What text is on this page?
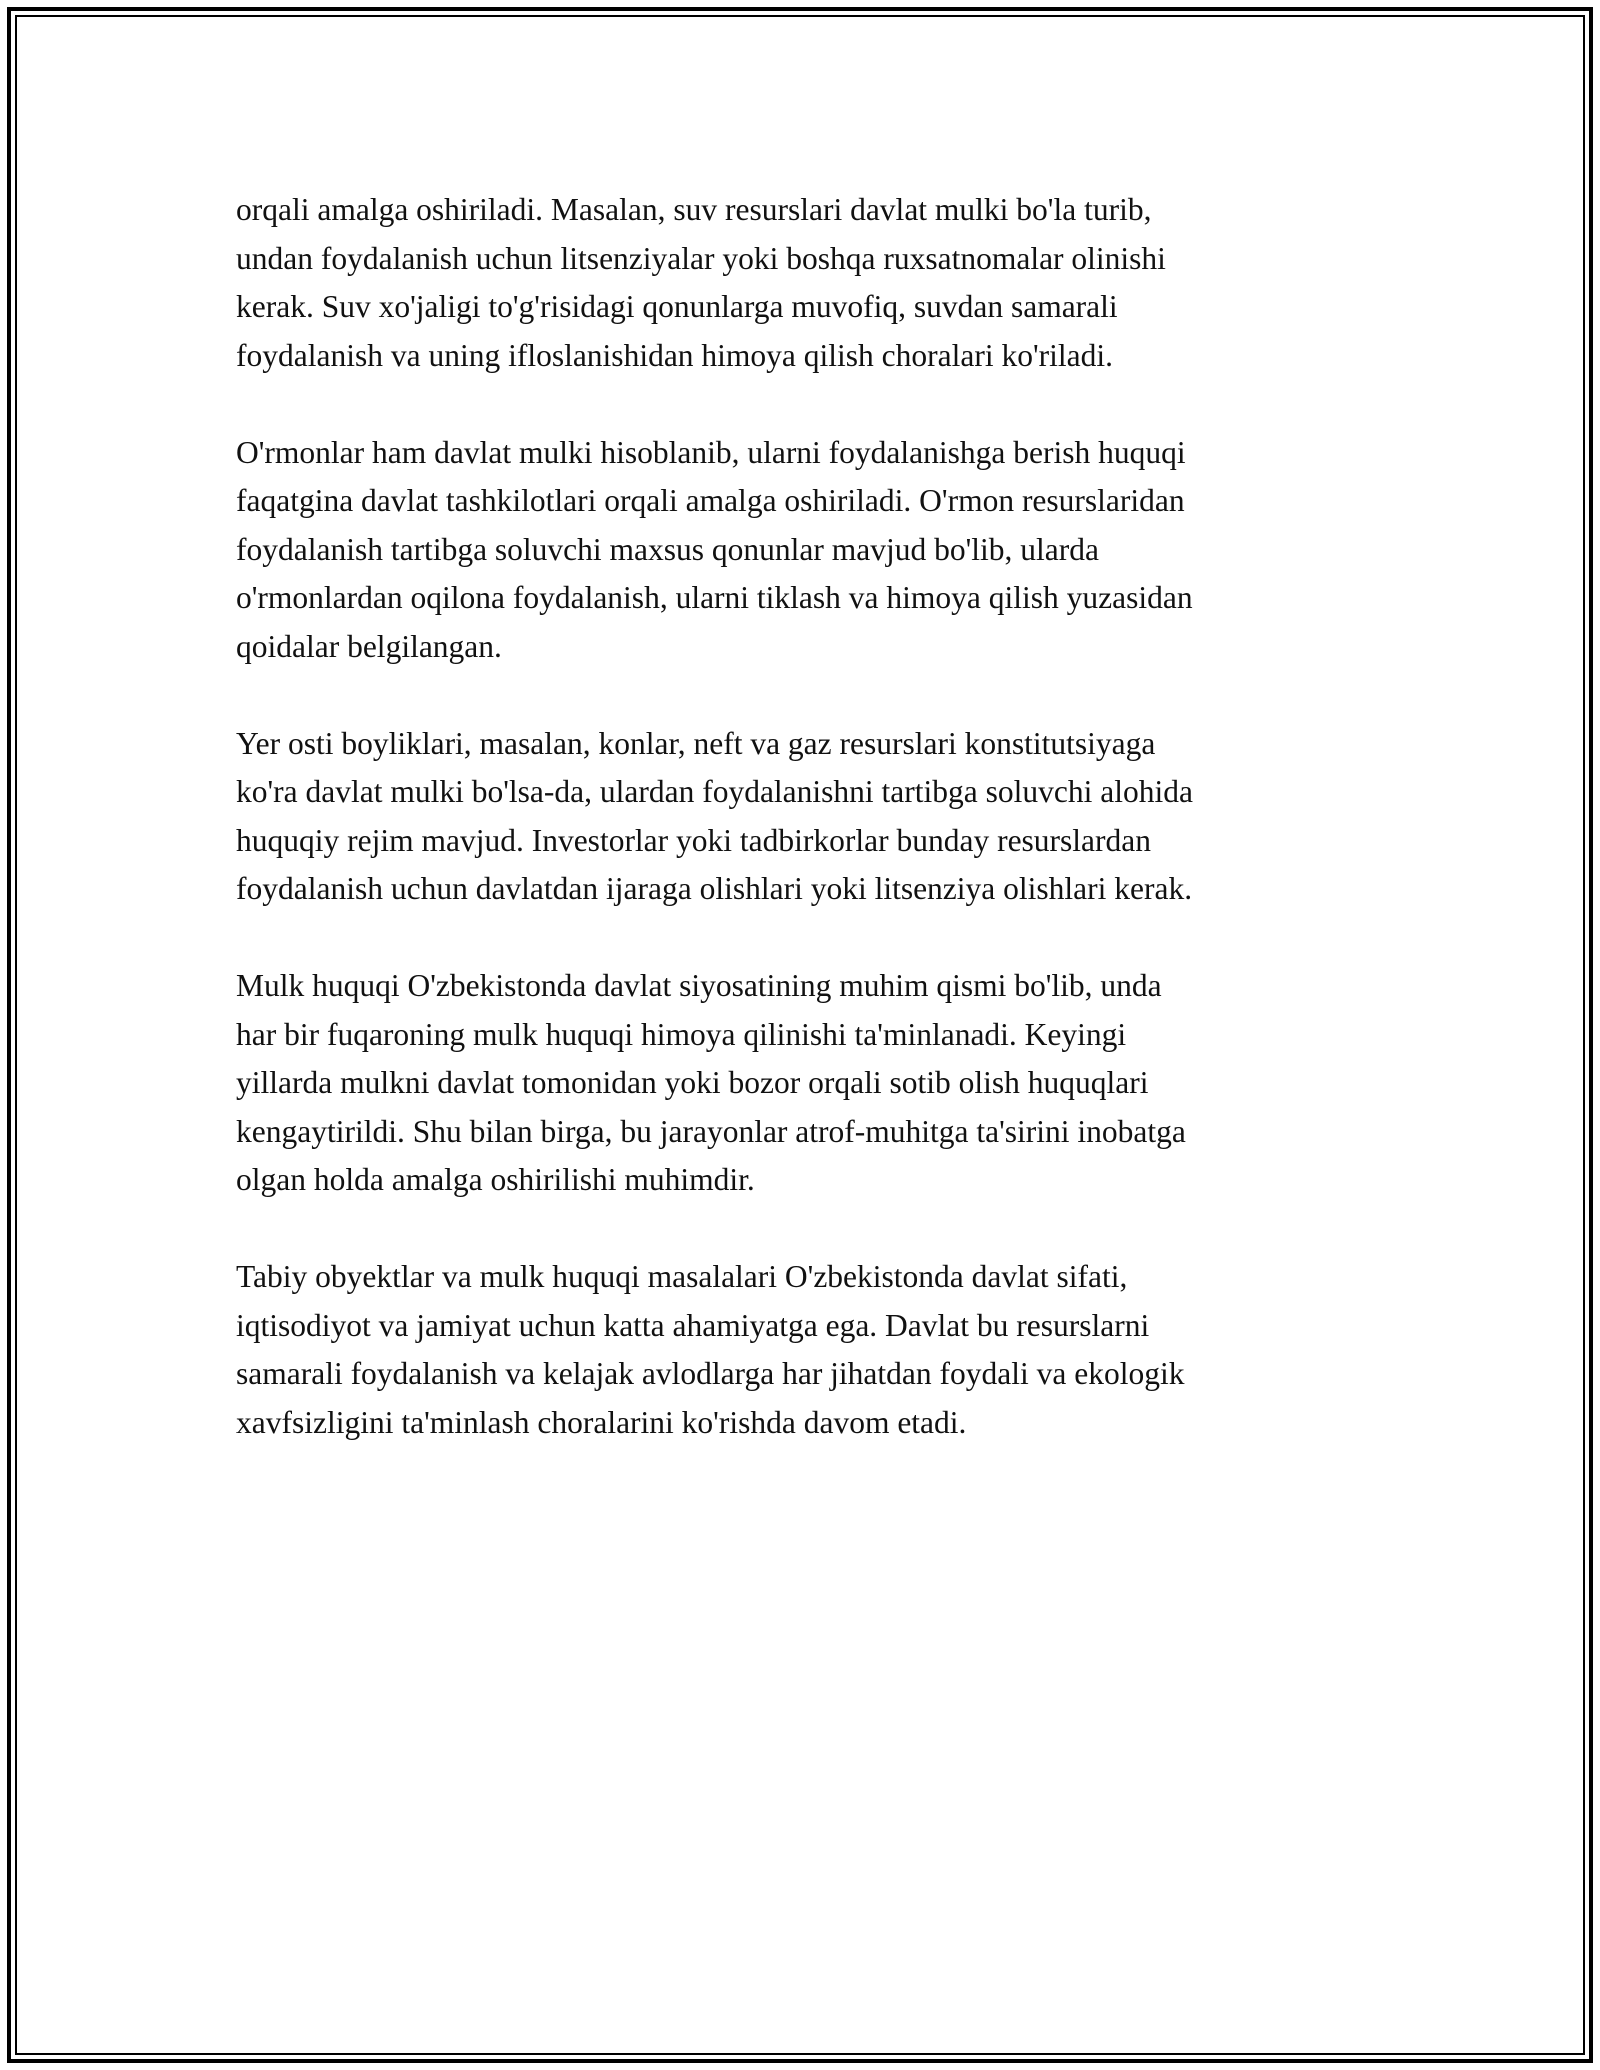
orqali amalga oshiriladi. Masalan, suv resurslari davlat mulki bo'la turib,
undan foydalanish uchun litsenziyalar yoki boshqa ruxsatnomalar olinishi
kerak. Suv xo'jaligi to'g'risidagi qonunlarga muvofiq, suvdan samarali
foydalanish va uning ifloslanishidan himoya qilish choralari ko'riladi.

O'rmonlar ham davlat mulki hisoblanib, ularni foydalanishga berish huquqi
faqatgina davlat tashkilotlari orqali amalga oshiriladi. O'rmon resurslaridan
foydalanish tartibga soluvchi maxsus qonunlar mavjud bo'lib, ularda
o'rmonlardan oqilona foydalanish, ularni tiklash va himoya qilish yuzasidan
qoidalar belgilangan.

Yer osti boyliklari, masalan, konlar, neft va gaz resurslari konstitutsiyaga
ko'ra davlat mulki bo'lsa-da, ulardan foydalanishni tartibga soluvchi alohida
huquqiy rejim mavjud. Investorlar yoki tadbirkorlar bunday resurslardan
foydalanish uchun davlatdan ijaraga olishlari yoki litsenziya olishlari kerak.

Mulk huquqi O'zbekistonda davlat siyosatining muhim qismi bo'lib, unda
har bir fuqaroning mulk huquqi himoya qilinishi ta'minlanadi. Keyingi
yillarda mulkni davlat tomonidan yoki bozor orqali sotib olish huquqlari
kengaytirildi. Shu bilan birga, bu jarayonlar atrof-muhitga ta'sirini inobatga
olgan holda amalga oshirilishi muhimdir.

Tabiy obyektlar va mulk huquqi masalalari O'zbekistonda davlat sifati,
iqtisodiyot va jamiyat uchun katta ahamiyatga ega. Davlat bu resurslarni
samarali foydalanish va kelajak avlodlarga har jihatdan foydali va ekologik
xavfsizligini ta'minlash choralarini ko'rishda davom etadi.
